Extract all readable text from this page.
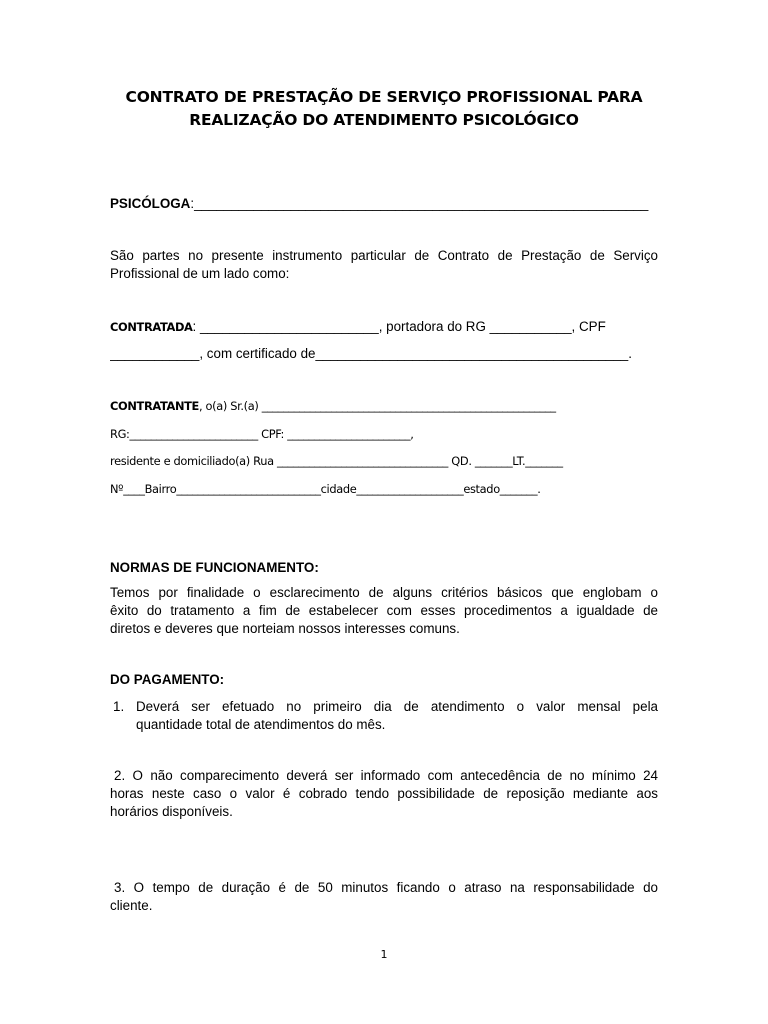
CONTRATO DE PRESTAÇÃO DE SERVIÇO PROFISSIONAL PARA
REALIZAÇÃO DO ATENDIMENTO PSICOLÓGICO

PSICÓLOGA:_____________________________________________________________

São partes no presente instrumento particular de Contrato de Prestação de Serviço
Profissional de um lado como:

CONTRATADA: ________________________, portadora do RG ___________, CPF

____________, com certificado de__________________________________________.

CONTRATANTE, o(a) Sr.(a) _______________________________________________________

RG:________________________ CPF: _______________________,

residente e domiciliado(a) Rua ________________________________ QD. _______LT._______

Nº____Bairro___________________________cidade____________________estado_______.

NORMAS DE FUNCIONAMENTO:

Temos por finalidade o esclarecimento de alguns critérios básicos que englobam o
êxito do tratamento a fim de estabelecer com esses procedimentos a igualdade de
diretos e deveres que norteiam nossos interesses comuns.

DO PAGAMENTO:
1. Deverá ser efetuado no primeiro dia de atendimento o valor mensal pela
quantidade total de atendimentos do mês.

2. O não comparecimento deverá ser informado com antecedência de no mínimo 24
horas neste caso o valor é cobrado tendo possibilidade de reposição mediante aos
horários disponíveis.

3. O tempo de duração é de 50 minutos ficando o atraso na responsabilidade do
cliente.

1
